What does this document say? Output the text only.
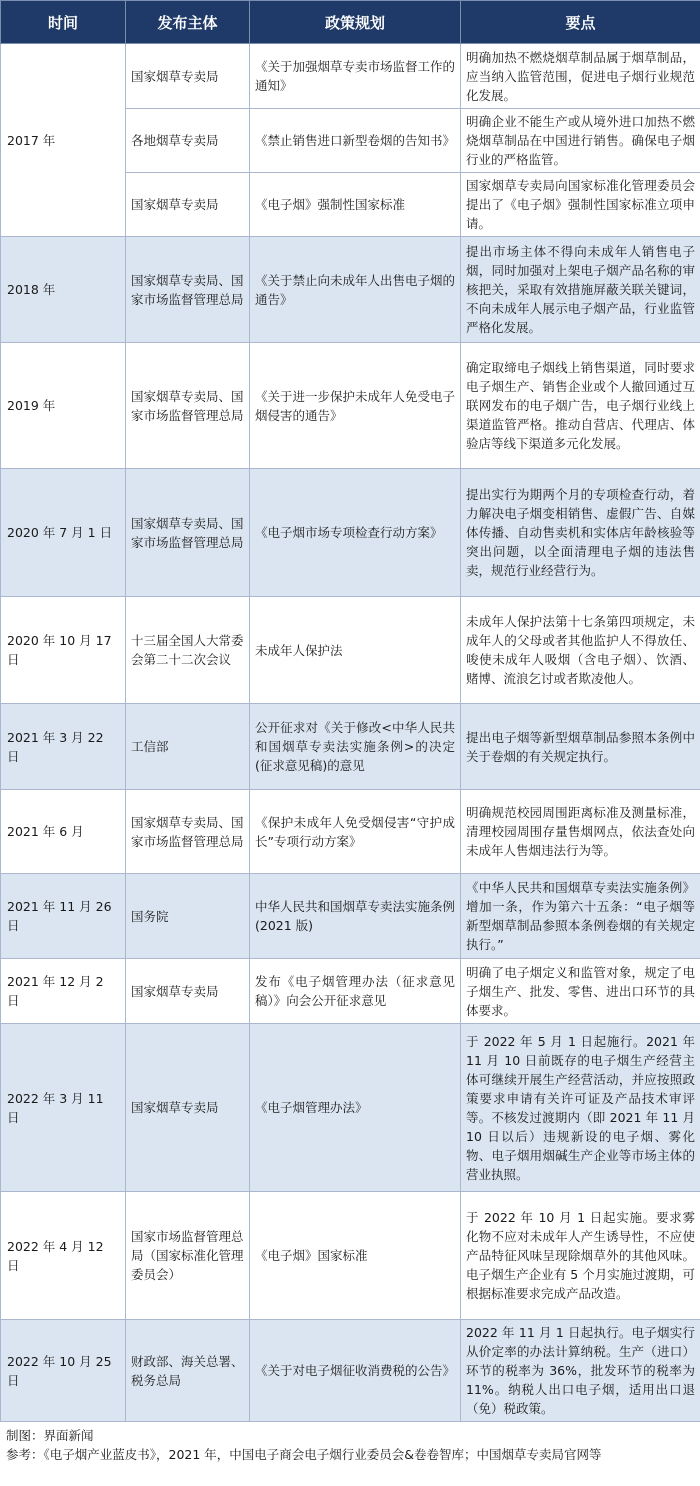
时间	发布主体	政策规划	要点
2017 年	国家烟草专卖局	《关于加强烟草专卖市场监督工作的通知》	明确加热不燃烧烟草制品属于烟草制品，应当纳入监管范围，促进电子烟行业规范化发展。
	各地烟草专卖局	《禁止销售进口新型卷烟的告知书》	明确企业不能生产或从境外进口加热不燃烧烟草制品在中国进行销售。确保电子烟行业的严格监管。
	国家烟草专卖局	《电子烟》强制性国家标准	国家烟草专卖局向国家标准化管理委员会提出了《电子烟》强制性国家标准立项申请。
2018 年	国家烟草专卖局、国家市场监督管理总局	《关于禁止向未成年人出售电子烟的通告》	提出市场主体不得向未成年人销售电子烟，同时加强对上架电子烟产品名称的审核把关，采取有效措施屏蔽关联关键词，不向未成年人展示电子烟产品，行业监管严格化发展。
2019 年	国家烟草专卖局、国家市场监督管理总局	《关于进一步保护未成年人免受电子烟侵害的通告》	确定取缔电子烟线上销售渠道，同时要求电子烟生产、销售企业或个人撤回通过互联网发布的电子烟广告，电子烟行业线上渠道监管严格。推动自营店、代理店、体验店等线下渠道多元化发展。
2020 年 7 月 1 日	国家烟草专卖局、国家市场监督管理总局	《电子烟市场专项检查行动方案》	提出实行为期两个月的专项检查行动，着力解决电子烟变相销售、虚假广告、自媒体传播、自动售卖机和实体店年龄核验等突出问题，以全面清理电子烟的违法售卖，规范行业经营行为。
2020 年 10 月 17 日	十三届全国人大常委会第二十二次会议	未成年人保护法	未成年人保护法第十七条第四项规定，未成年人的父母或者其他监护人不得放任、唆使未成年人吸烟（含电子烟）、饮酒、赌博、流浪乞讨或者欺凌他人。
2021 年 3 月 22 日	工信部	公开征求对《关于修改<中华人民共和国烟草专卖法实施条例>的决定(征求意见稿)的意见	提出电子烟等新型烟草制品参照本条例中关于卷烟的有关规定执行。
2021 年 6 月	国家烟草专卖局、国家市场监督管理总局	《保护未成年人免受烟侵害“守护成长”专项行动方案》	明确规范校园周围距离标准及测量标准，清理校园周围存量售烟网点，依法查处向未成年人售烟违法行为等。
2021 年 11 月 26 日	国务院	中华人民共和国烟草专卖法实施条例(2021 版)	《中华人民共和国烟草专卖法实施条例》增加一条，作为第六十五条：“电子烟等新型烟草制品参照本条例卷烟的有关规定执行。”
2021 年 12 月 2 日	国家烟草专卖局	发布《电子烟管理办法（征求意见稿）》向会公开征求意见	明确了电子烟定义和监管对象，规定了电子烟生产、批发、零售、进出口环节的具体要求。
2022 年 3 月 11 日	国家烟草专卖局	《电子烟管理办法》	于 2022 年 5 月 1 日起施行。2021 年 11 月 10 日前既存的电子烟生产经营主体可继续开展生产经营活动，并应按照政策要求申请有关许可证及产品技术审评等。不核发过渡期内（即 2021 年 11 月 10 日以后）违规新设的电子烟、雾化物、电子烟用烟碱生产企业等市场主体的营业执照。
2022 年 4 月 12 日	国家市场监督管理总局（国家标准化管理委员会）	《电子烟》国家标准	于 2022 年 10 月 1 日起实施。要求雾化物不应对未成年人产生诱导性，不应使产品特征风味呈现除烟草外的其他风味。电子烟生产企业有 5 个月实施过渡期，可根据标准要求完成产品改造。
2022 年 10 月 25 日	财政部、海关总署、税务总局	《关于对电子烟征收消费税的公告》	2022 年 11 月 1 日起执行。电子烟实行从价定率的办法计算纳税。生产（进口）环节的税率为 36%，批发环节的税率为 11%。纳税人出口电子烟，适用出口退（免）税政策。
制图：界面新闻
参考：《电子烟产业蓝皮书》，2021 年，中国电子商会电子烟行业委员会&卷卷智库；中国烟草专卖局官网等
